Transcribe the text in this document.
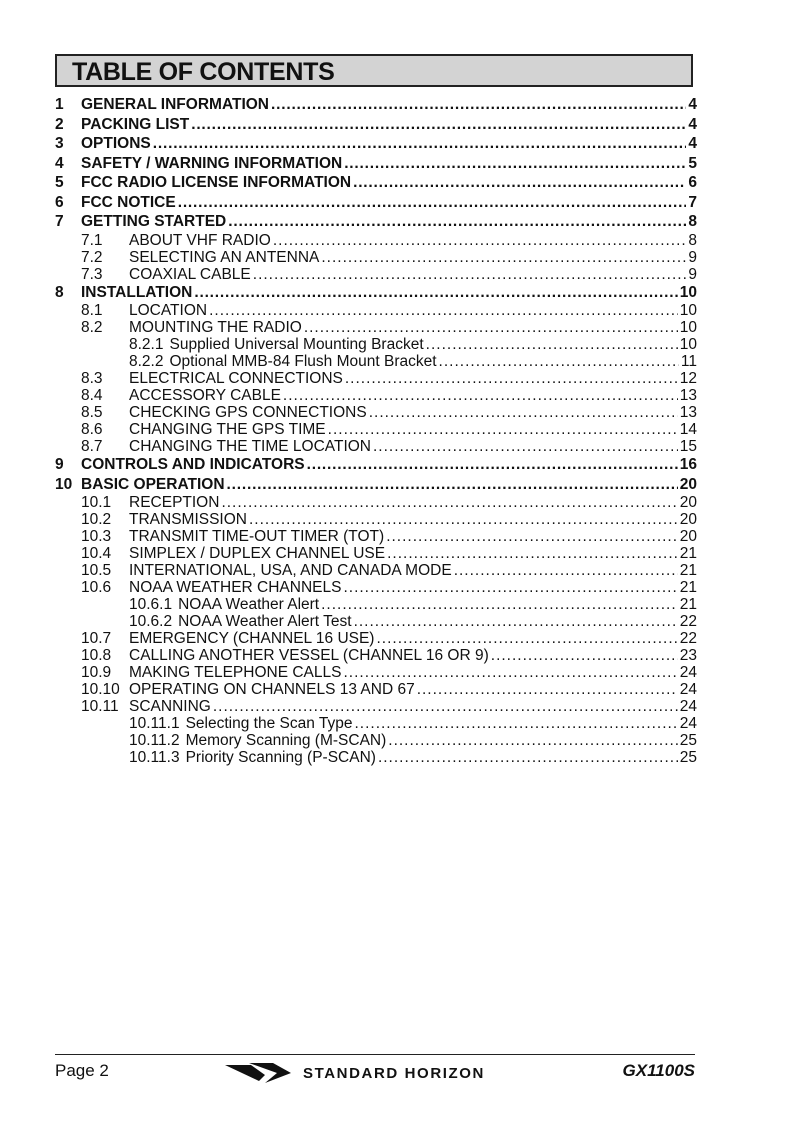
TABLE OF CONTENTS
1	GENERAL INFORMATION .....	4
2	PACKING LIST .....	4
3	OPTIONS .....	4
4	SAFETY / WARNING INFORMATION .....	5
5	FCC RADIO LICENSE INFORMATION .....	6
6	FCC NOTICE .....	7
7	GETTING STARTED .....	8
7.1	ABOUT VHF RADIO .....	8
7.2	SELECTING AN ANTENNA .....	9
7.3	COAXIAL CABLE .....	9
8	INSTALLATION .....	10
8.1	LOCATION .....	10
8.2	MOUNTING THE RADIO .....	10
8.2.1 Supplied Universal Mounting Bracket .....	10
8.2.2 Optional MMB-84 Flush Mount Bracket .....	11
8.3	ELECTRICAL CONNECTIONS .....	12
8.4	ACCESSORY CABLE .....	13
8.5	CHECKING GPS CONNECTIONS .....	13
8.6	CHANGING THE GPS TIME .....	14
8.7	CHANGING THE TIME LOCATION .....	15
9	CONTROLS AND INDICATORS .....	16
10 BASIC OPERATION .....	20
10.1	RECEPTION .....	20
10.2	TRANSMISSION .....	20
10.3	TRANSMIT TIME-OUT TIMER (TOT) .....	20
10.4	SIMPLEX / DUPLEX CHANNEL USE .....	21
10.5	INTERNATIONAL, USA, AND CANADA MODE .....	21
10.6	NOAA WEATHER CHANNELS .....	21
10.6.1 NOAA Weather Alert .....	21
10.6.2 NOAA Weather Alert Test .....	22
10.7	EMERGENCY (CHANNEL 16 USE) .....	22
10.8	CALLING ANOTHER VESSEL (CHANNEL 16 OR 9) .....	23
10.9	MAKING TELEPHONE CALLS .....	24
10.10 OPERATING ON CHANNELS 13 AND 67 .....	24
10.11 SCANNING .....	24
10.11.1 Selecting the Scan Type .....	24
10.11.2 Memory Scanning (M-SCAN) .....	25
10.11.3 Priority Scanning (P-SCAN) .....	25
Page 2	STANDARD HORIZON	GX1100S
